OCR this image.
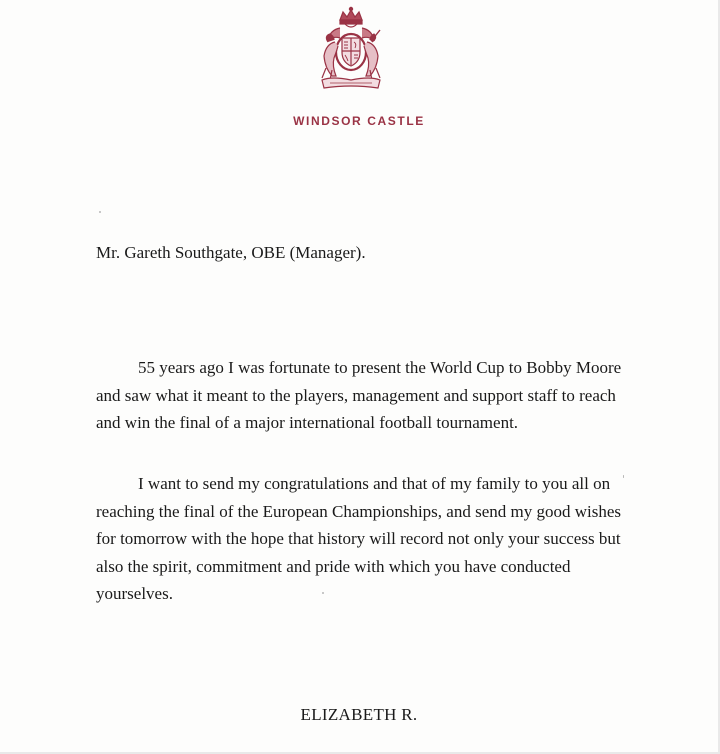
WINDSOR CASTLE
Mr. Gareth Southgate, OBE (Manager).

55 years ago I was fortunate to present the World Cup to Bobby Moore
and saw what it meant to the players, management and support staff to reach
and win the final of a major international football tournament.

I want to send my congratulations and that of my family to you all on
reaching the final of the European Championships, and send my good wishes
for tomorrow with the hope that history will record not only your success but
also the spirit, commitment and pride with which you have conducted
yourselves.

ELIZABETH R.
